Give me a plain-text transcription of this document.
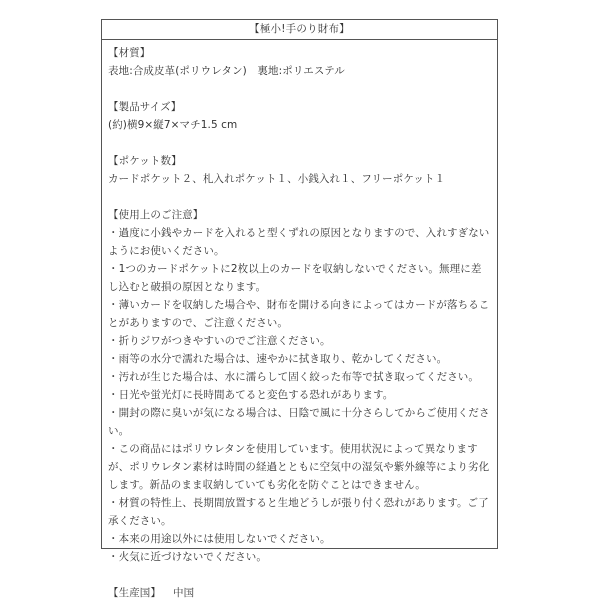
【極小!手のり財布】
【材質】
表地:合成皮革(ポリウレタン)　裏地:ポリエステル
【製品サイズ】
(約)横9×縦7×マチ1.5 cm
【ポケット数】
カードポケット２、札入れポケット１、小銭入れ１、フリーポケット１
【使用上のご注意】
・過度に小銭やカードを入れると型くずれの原因となりますので、入れすぎないようにお使いください。
・1つのカードポケットに2枚以上のカードを収納しないでください。無理に差し込むと破損の原因となります。
・薄いカードを収納した場合や、財布を開ける向きによってはカードが落ちることがありますので、ご注意ください。
・折りジワがつきやすいのでご注意ください。
・雨等の水分で濡れた場合は、速やかに拭き取り、乾かしてください。
・汚れが生じた場合は、水に濡らして固く絞った布等で拭き取ってください。
・日光や蛍光灯に長時間あてると変色する恐れがあります。
・開封の際に臭いが気になる場合は、日陰で風に十分さらしてからご使用ください。
・この商品にはポリウレタンを使用しています。使用状況によって異なりますが、ポリウレタン素材は時間の経過とともに空気中の湿気や紫外線等により劣化します。新品のまま収納していても劣化を防ぐことはできません。
・材質の特性上、長期間放置すると生地どうしが張り付く恐れがあります。ご了承ください。
・本来の用途以外には使用しないでください。
・火気に近づけないでください。
【生産国】 中国
